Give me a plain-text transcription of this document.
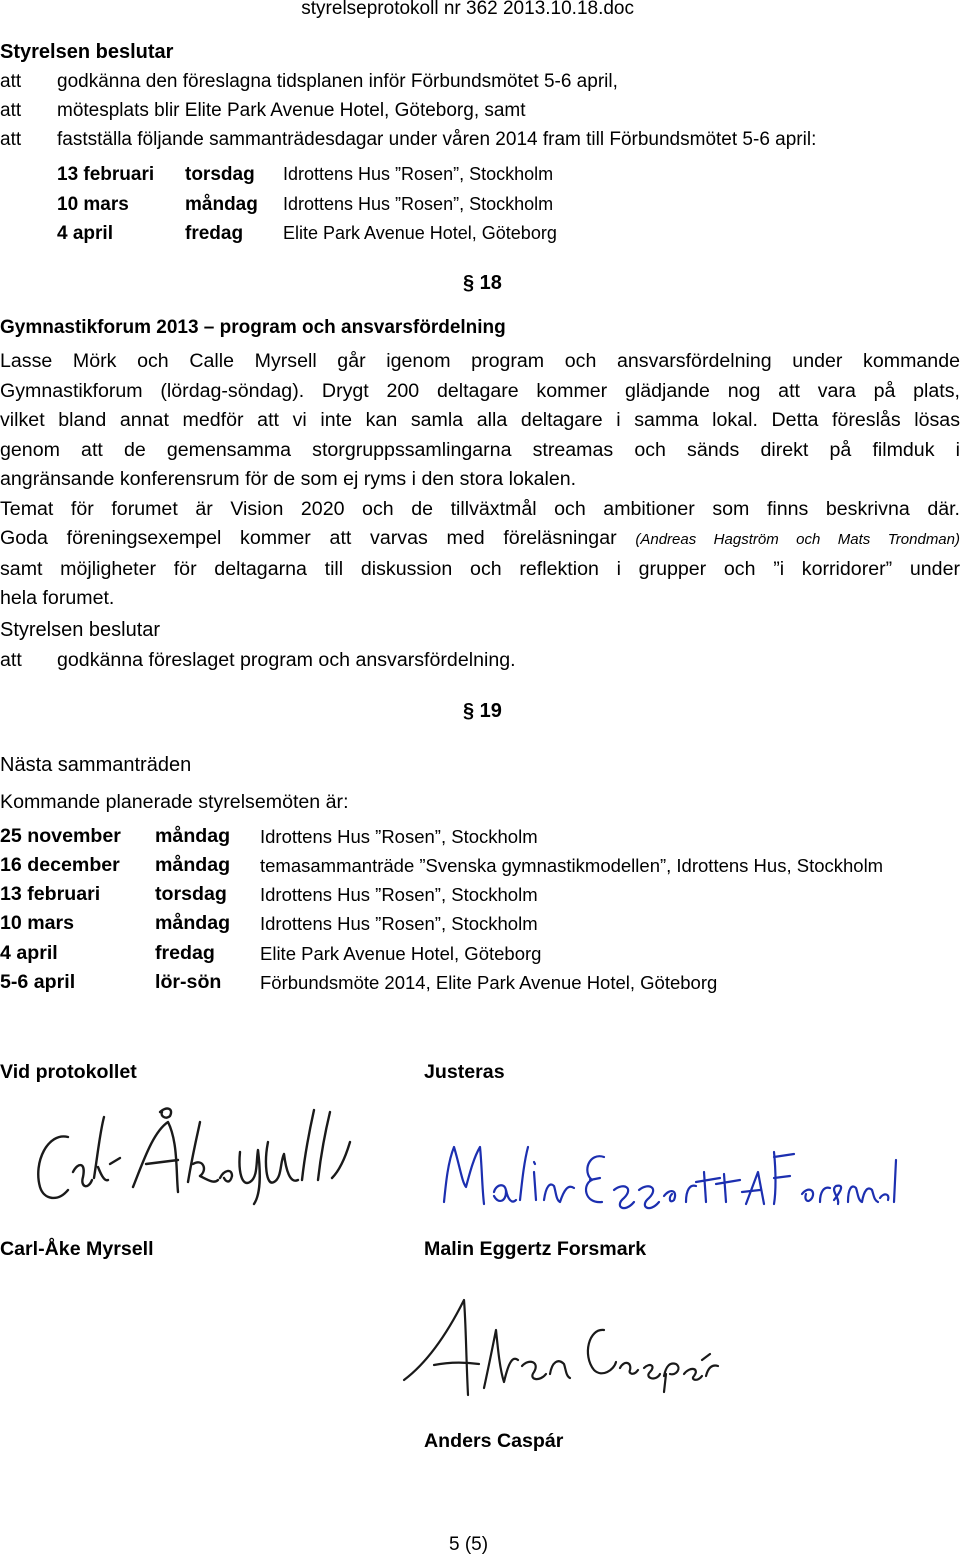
styrelseprotokoll nr 362 2013.10.18.doc
Styrelsen beslutar
att godkänna den föreslagna tidsplanen inför Förbundsmötet 5-6 april,
att mötesplats blir Elite Park Avenue Hotel, Göteborg, samt
att fastställa följande sammanträdesdagar under våren 2014 fram till Förbundsmötet 5-6 april:
13 februari torsdag Idrottens Hus ”Rosen”, Stockholm
10 mars	måndag Idrottens Hus ”Rosen”, Stockholm
4 april	fredag Elite Park Avenue Hotel, Göteborg
§ 18
Gymnastikforum 2013 – program och ansvarsfördelning
Lasse Mörk och Calle Myrsell går igenom program och ansvarsfördelning under kommande
Gymnastikforum (lördag-söndag). Drygt 200 deltagare kommer glädjande nog att vara på plats,
vilket bland annat medför att vi inte kan samla alla deltagare i samma lokal. Detta föreslås lösas
genom att de gemensamma storgruppssamlingarna streamas och sänds direkt på filmduk i
angränsande konferensrum för de som ej ryms i den stora lokalen.
Temat för forumet är Vision 2020 och de tillväxtmål och ambitioner som finns beskrivna där.
Goda föreningsexempel kommer att varvas med föreläsningar (Andreas Hagström och Mats Trondman)
samt möjligheter för deltagarna till diskussion och reflektion i grupper och ”i korridorer” under
hela forumet.
Styrelsen beslutar
att godkänna föreslaget program och ansvarsfördelning.
§ 19
Nästa sammanträden
Kommande planerade styrelsemöten är:
25 november måndag Idrottens Hus ”Rosen”, Stockholm
16 december måndag temasammanträde ”Svenska gymnastikmodellen”, Idrottens Hus, Stockholm
13 februari	torsdag Idrottens Hus ”Rosen”, Stockholm
10 mars	måndag Idrottens Hus ”Rosen”, Stockholm
4 april	fredag Elite Park Avenue Hotel, Göteborg
5-6 april	lör-sön Förbundsmöte 2014, Elite Park Avenue Hotel, Göteborg
Vid protokollet	Justeras
Carl-Åke Myrsell	Malin Eggertz Forsmark
Anders Caspár
5 (5)
